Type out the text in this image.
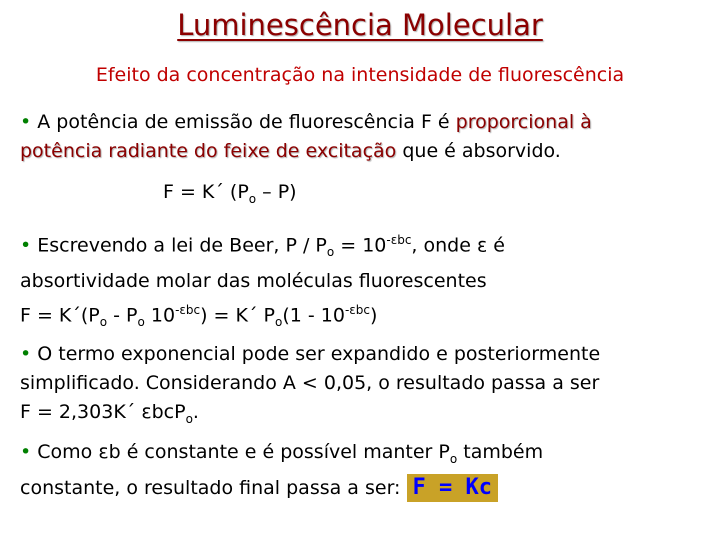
Luminescência Molecular
Efeito da concentração na intensidade de fluorescência
• A potência de emissão de fluorescência F é proporcional à
potência radiante do feixe de excitação que é absorvido.
F = K´ $(P_o - P)$
• Escrevendo a lei de Beer, $P / P_o = 10^{-\varepsilon bc}$, onde ε é
absortividade molar das moléculas fluorescentes
$F = K´(P_o - P_o$ $10^{-\varepsilon bc}$) = K´ $P_o(1 - 10^{-\varepsilon bc})$
• O termo exponencial pode ser expandido e posteriormente
simplificado. Considerando A < 0,05, o resultado passa a ser
F = 2,303K´ εbcP$_o$.
• Como εb é constante e é possível manter $P_o$ também
constante, o resultado final passa a ser: F = Kc
